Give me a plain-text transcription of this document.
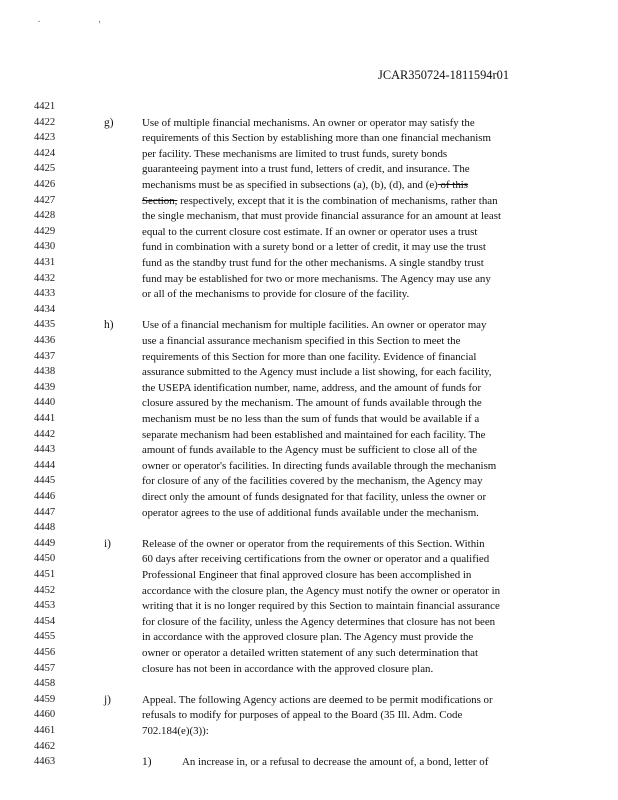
. ,
JCAR350724-1811594r01
4421
4422	g)	Use of multiple financial mechanisms. An owner or operator may satisfy the
4423	requirements of this Section by establishing more than one financial mechanism
4424	per facility. These mechanisms are limited to trust funds, surety bonds
4425	guaranteeing payment into a trust fund, letters of credit, and insurance. The
4426	mechanisms must be as specified in subsections (a), (b), (d), and (e) of this
4427	Section, respectively, except that it is the combination of mechanisms, rather than
4428	the single mechanism, that must provide financial assurance for an amount at least
4429	equal to the current closure cost estimate. If an owner or operator uses a trust
4430	fund in combination with a surety bond or a letter of credit, it may use the trust
4431	fund as the standby trust fund for the other mechanisms. A single standby trust
4432	fund may be established for two or more mechanisms. The Agency may use any
4433	or all of the mechanisms to provide for closure of the facility.
4434
4435	h)	Use of a financial mechanism for multiple facilities. An owner or operator may
4436	use a financial assurance mechanism specified in this Section to meet the
4437	requirements of this Section for more than one facility. Evidence of financial
4438	assurance submitted to the Agency must include a list showing, for each facility,
4439	the USEPA identification number, name, address, and the amount of funds for
4440	closure assured by the mechanism. The amount of funds available through the
4441	mechanism must be no less than the sum of funds that would be available if a
4442	separate mechanism had been established and maintained for each facility. The
4443	amount of funds available to the Agency must be sufficient to close all of the
4444	owner or operator's facilities. In directing funds available through the mechanism
4445	for closure of any of the facilities covered by the mechanism, the Agency may
4446	direct only the amount of funds designated for that facility, unless the owner or
4447	operator agrees to the use of additional funds available under the mechanism.
4448
4449	i)	Release of the owner or operator from the requirements of this Section. Within
4450	60 days after receiving certifications from the owner or operator and a qualified
4451	Professional Engineer that final approved closure has been accomplished in
4452	accordance with the closure plan, the Agency must notify the owner or operator in
4453	writing that it is no longer required by this Section to maintain financial assurance
4454	for closure of the facility, unless the Agency determines that closure has not been
4455	in accordance with the approved closure plan. The Agency must provide the
4456	owner or operator a detailed written statement of any such determination that
4457	closure has not been in accordance with the approved closure plan.
4458
4459	j)	Appeal. The following Agency actions are deemed to be permit modifications or
4460	refusals to modify for purposes of appeal to the Board (35 Ill. Adm. Code
4461	702.184(e)(3)):
4462
4463	1)	An increase in, or a refusal to decrease the amount of, a bond, letter of
